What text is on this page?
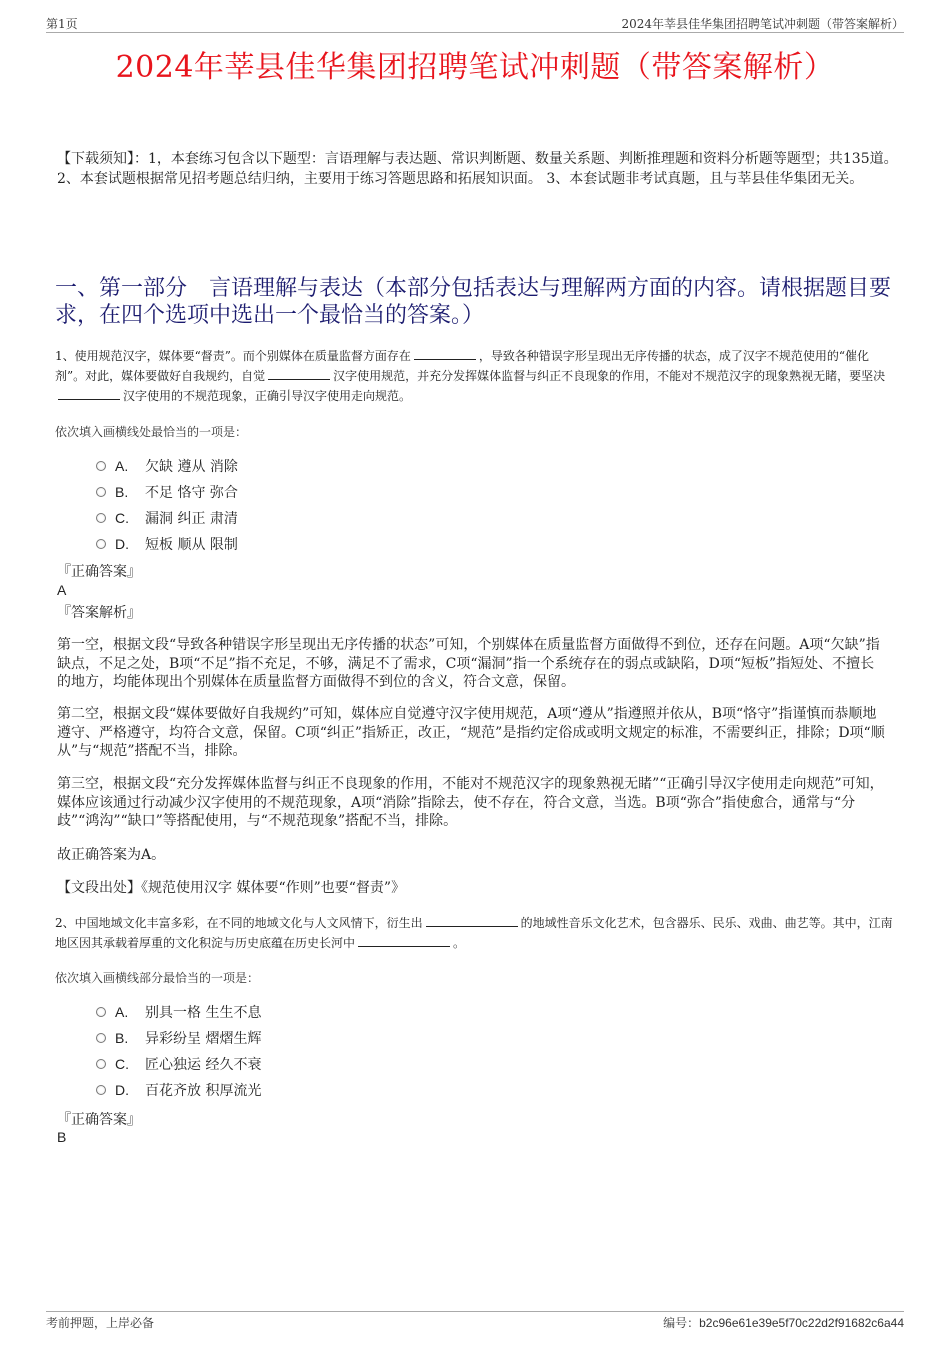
第1页	2024年莘县佳华集团招聘笔试冲刺题（带答案解析）
2024年莘县佳华集团招聘笔试冲刺题（带答案解析）
【下载须知】：1，本套练习包含以下题型：言语理解与表达题、常识判断题、数量关系题、判断推理题和资料分析题等题型；共135道。2、本套试题根据常见招考题总结归纳，主要用于练习答题思路和拓展知识面。 3、本套试题非考试真题，且与莘县佳华集团无关。
一、第一部分　言语理解与表达（本部分包括表达与理解两方面的内容。请根据题目要求，在四个选项中选出一个最恰当的答案。）
1、使用规范汉字，媒体要“督责”。而个别媒体在质量监督方面存在	，导致各种错误字形呈现出无序传播的状态，成了汉字不规范使用的“催化剂”。对此，媒体要做好自我规约，自觉	汉字使用规范，并充分发挥媒体监督与纠正不良现象的作用，不能对不规范汉字的现象熟视无睹，要坚决汉字使用的不规范现象，正确引导汉字使用走向规范。
依次填入画横线处最恰当的一项是：
A.	欠缺 遵从 消除
B.	不足 恪守 弥合
C.	漏洞 纠正 肃清
D.	短板 顺从 限制
『正确答案』
A
『答案解析』
第一空，根据文段“导致各种错误字形呈现出无序传播的状态”可知，个别媒体在质量监督方面做得不到位，还存在问题。A项“欠缺”指缺点，不足之处，B项“不足”指不充足，不够，满足不了需求，C项“漏洞”指一个系统存在的弱点或缺陷，D项“短板”指短处、不擅长的地方，均能体现出个别媒体在质量监督方面做得不到位的含义，符合文意，保留。
第二空，根据文段“媒体要做好自我规约”可知，媒体应自觉遵守汉字使用规范，A项“遵从”指遵照并依从，B项“恪守”指谨慎而恭顺地遵守、严格遵守，均符合文意，保留。C项“纠正”指矫正，改正，“规范”是指约定俗成或明文规定的标准，不需要纠正，排除；D项“顺从”与“规范”搭配不当，排除。
第三空，根据文段“充分发挥媒体监督与纠正不良现象的作用，不能对不规范汉字的现象熟视无睹”“正确引导汉字使用走向规范”可知，媒体应该通过行动减少汉字使用的不规范现象，A项“消除”指除去，使不存在，符合文意，当选。B项“弥合”指使愈合，通常与“分歧”“鸿沟”“缺口”等搭配使用，与“不规范现象”搭配不当，排除。
故正确答案为A。
【文段出处】《规范使用汉字 媒体要“作则”也要“督责”》
2、中国地域文化丰富多彩，在不同的地域文化与人文风情下，衍生出	的地域性音乐文化艺术，包含器乐、民乐、戏曲、曲艺等。其中，江南地区因其承载着厚重的文化积淀与历史底蕴在历史长河中	。
依次填入画横线部分最恰当的一项是：
A.	别具一格 生生不息
B.	异彩纷呈 熠熠生辉
C.	匠心独运 经久不衰
D.	百花齐放 积厚流光
『正确答案』
B
考前押题，上岸必备	编号：b2c96e61e39e5f70c22d2f91682c6a44
